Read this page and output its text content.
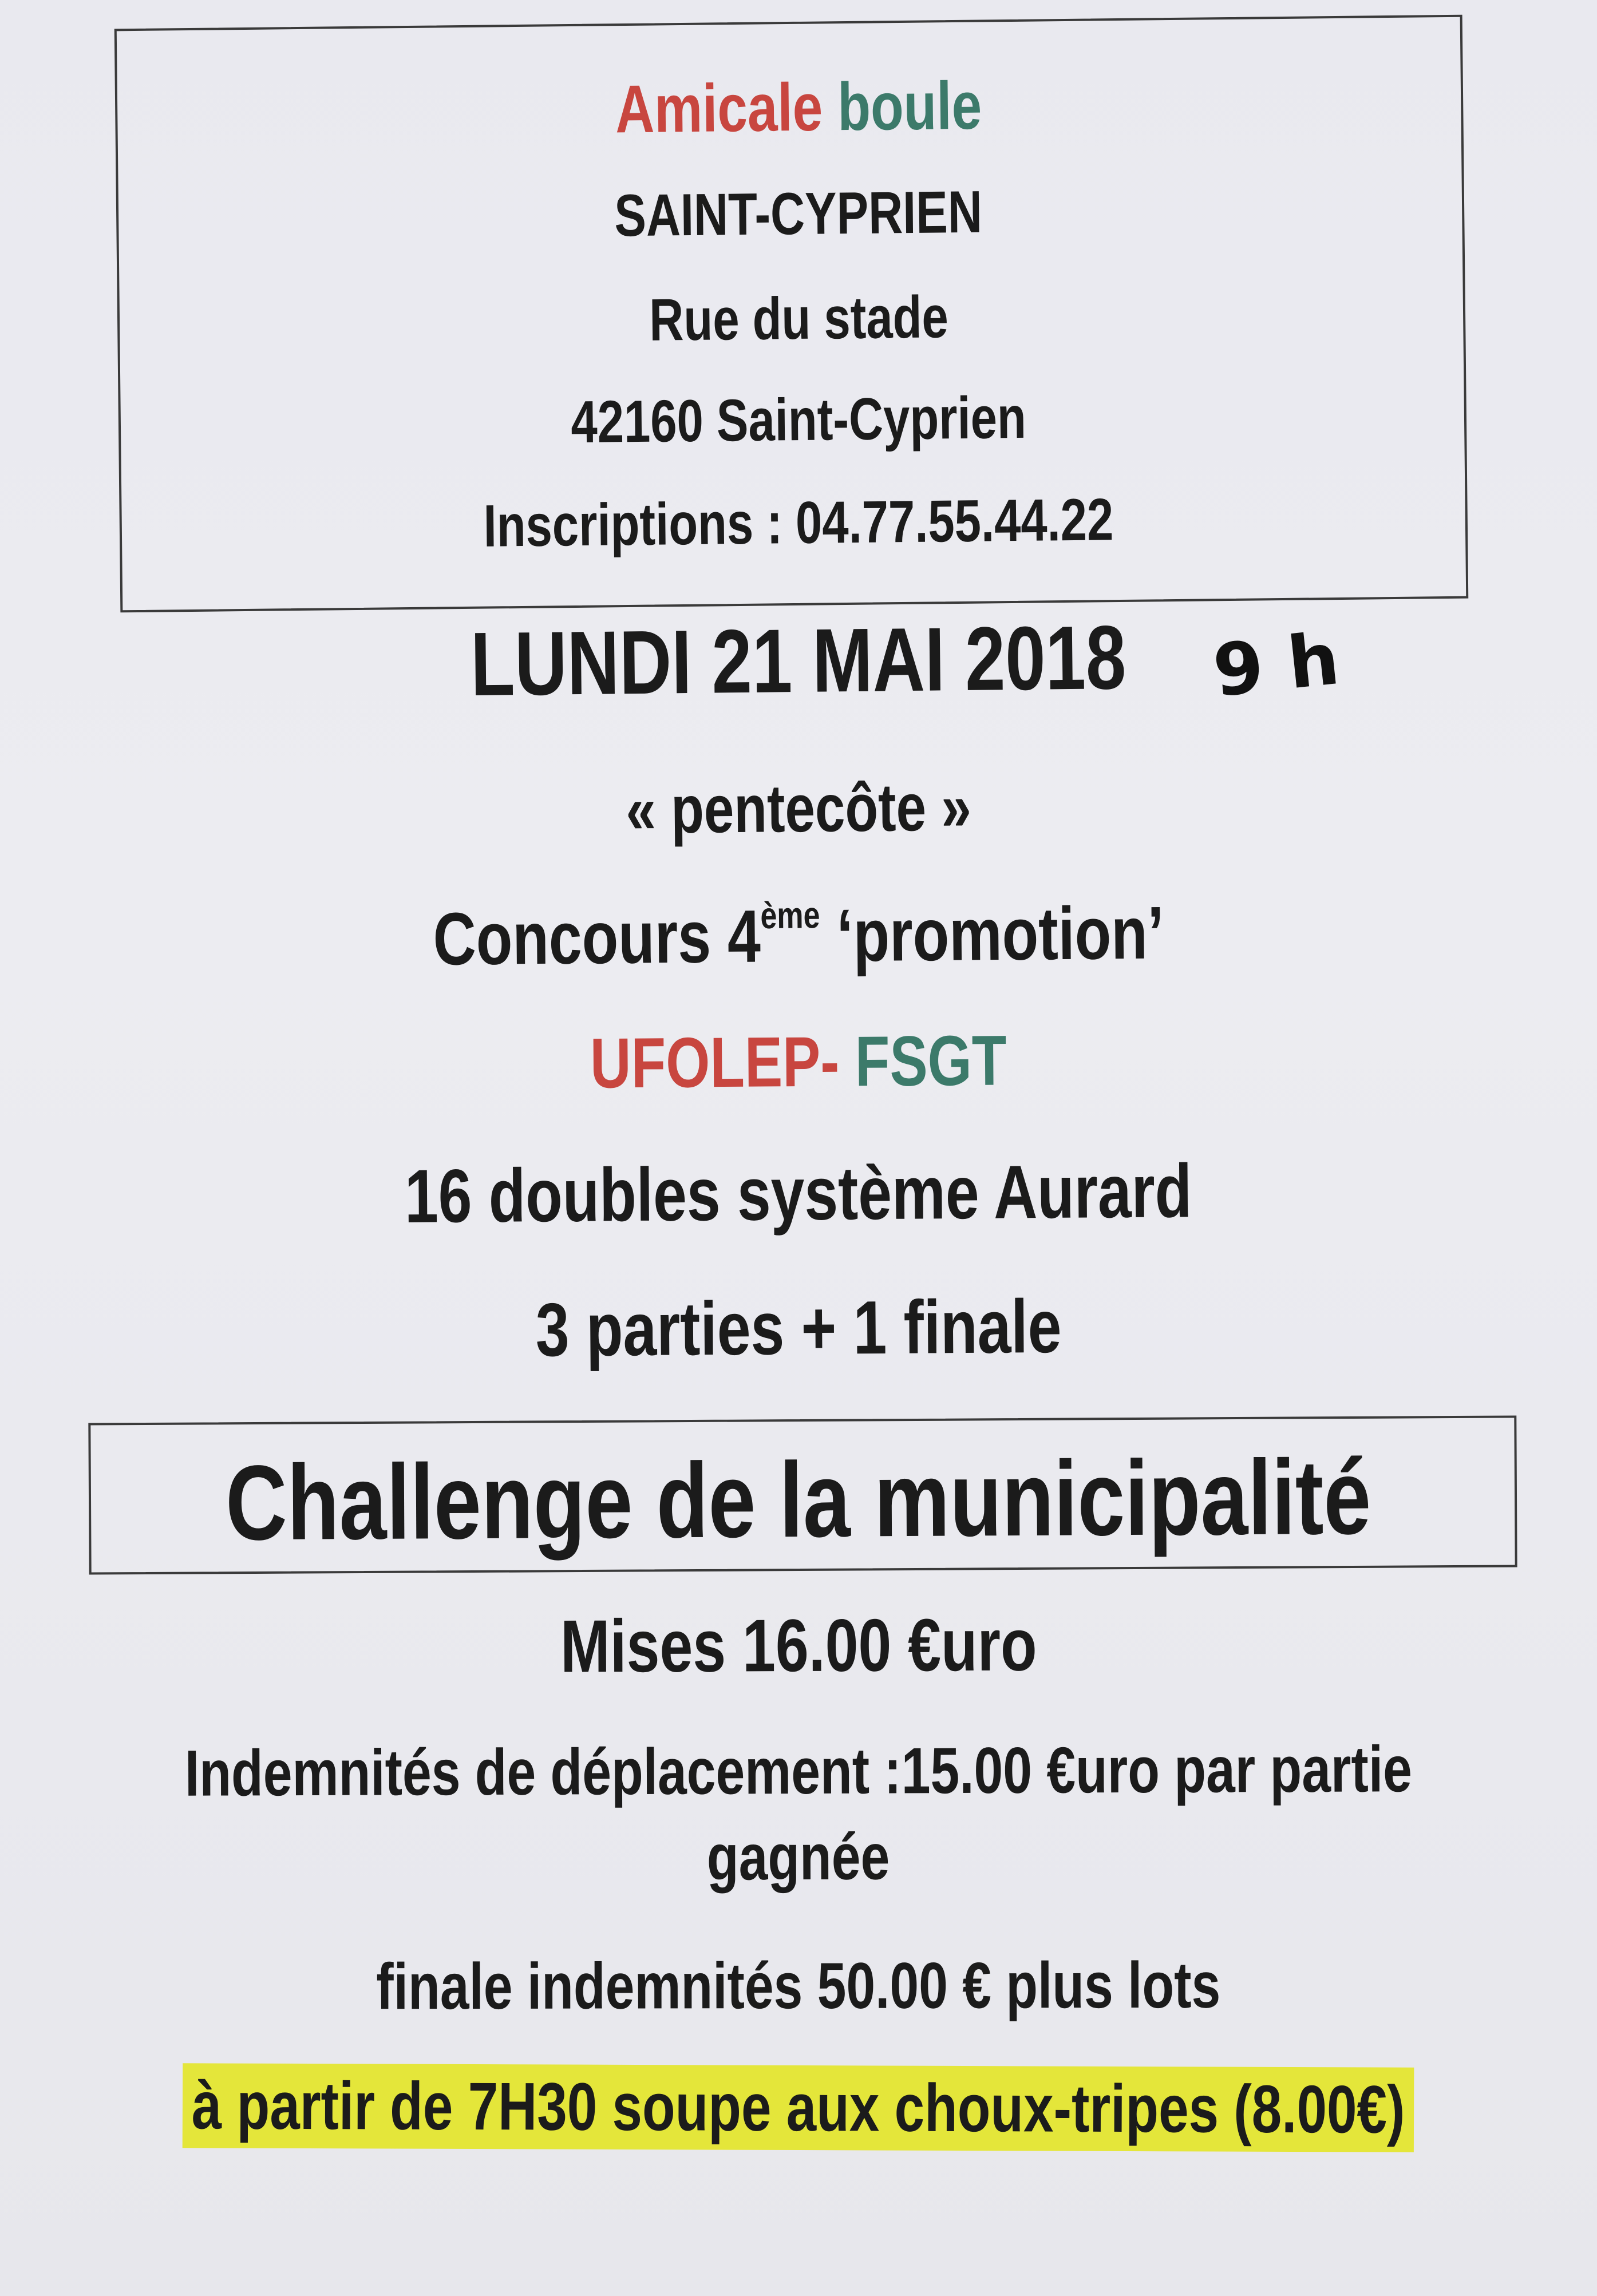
Amicale boule
SAINT-CYPRIEN
Rue du stade
42160 Saint-Cyprien
Inscriptions : 04.77.55.44.22
LUNDI 21 MAI 2018	9 h
« pentecôte »
Concours 4ème ‘promotion’
UFOLEP- FSGT
16 doubles système Aurard
3 parties + 1 finale
Challenge de la municipalité
Mises 16.00 €uro
Indemnités de déplacement :15.00 €uro par partie
gagnée
finale indemnités 50.00 € plus lots
à partir de 7H30 soupe aux choux-tripes (8.00€)
